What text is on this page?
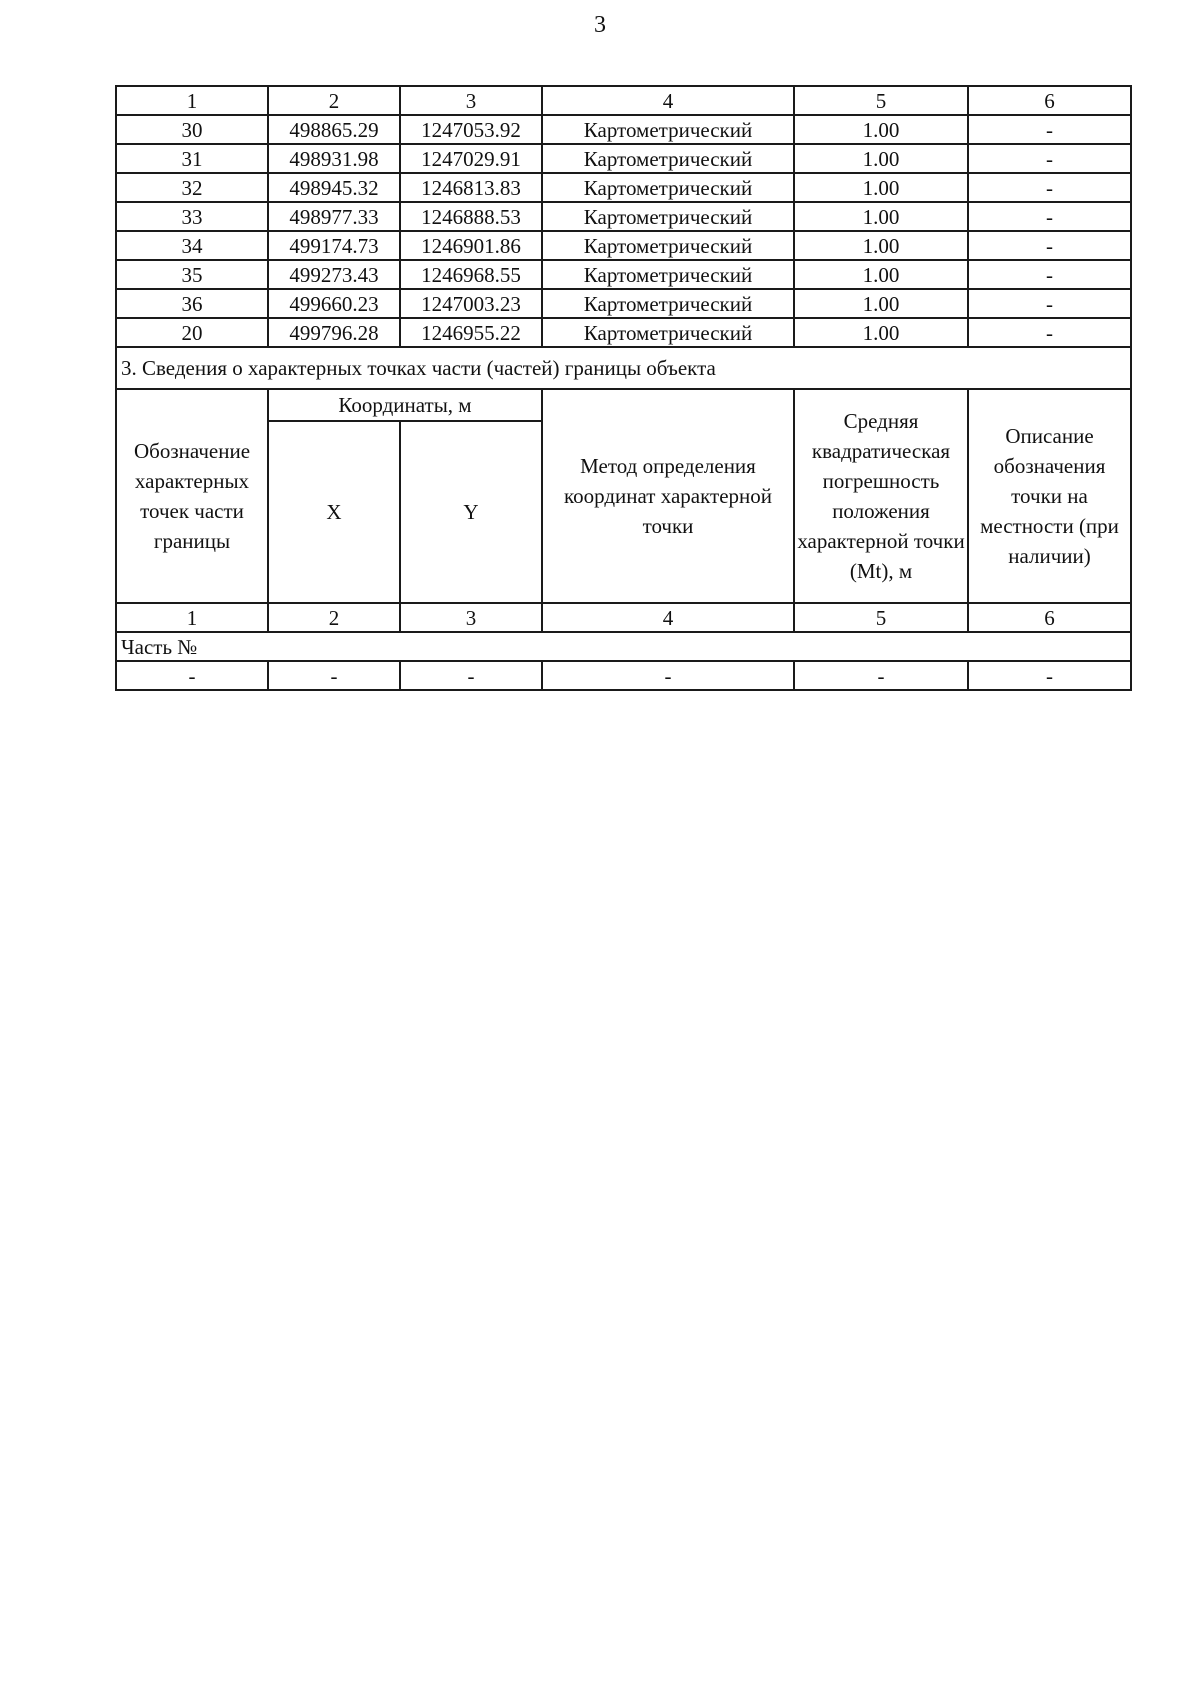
3
1	2	3	4	5	6
30	498865.29	1247053.92	Картометрический	1.00	-
31	498931.98	1247029.91	Картометрический	1.00	-
32	498945.32	1246813.83	Картометрический	1.00	-
33	498977.33	1246888.53	Картометрический	1.00	-
34	499174.73	1246901.86	Картометрический	1.00	-
35	499273.43	1246968.55	Картометрический	1.00	-
36	499660.23	1247003.23	Картометрический	1.00	-
20	499796.28	1246955.22	Картометрический	1.00	-
3. Сведения о характерных точках части (частей) границы объекта					
Обозначение характерных точек части границы	Координаты, м		Метод определения координат характерной точки	Средняя квадратическая погрешность положения характерной точки (Mt), м	Описание обозначения точки на местности (при наличии)
	X	Y			
1	2	3	4	5	6
Часть №					
-	-	-	-	-	-
